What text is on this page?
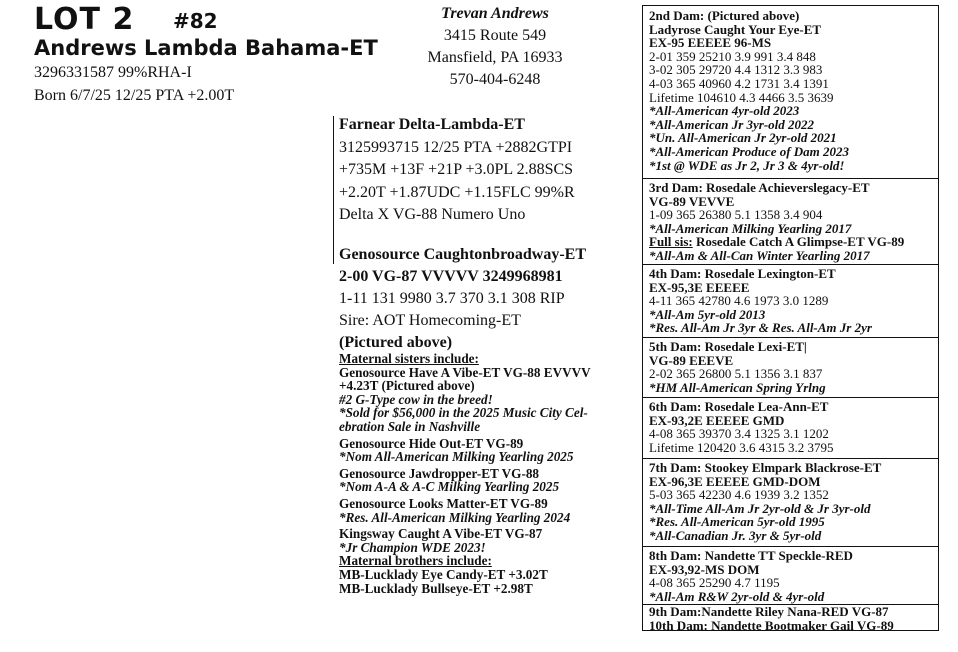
LOT 2 #82
Andrews Lambda Bahama-ET
3296331587 99%RHA-I
Born 6/7/25 12/25 PTA +2.00T
Trevan Andrews
3415 Route 549
Mansfield, PA 16933
570-404-6248
Farnear Delta-Lambda-ET
3125993715 12/25 PTA +2882GTPI
+735M +13F +21P +3.0PL 2.88SCS
+2.20T +1.87UDC +1.15FLC 99%R
Delta X VG-88 Numero Uno
Genosource Caughtonbroadway-ET
2-00 VG-87 VVVVV 3249968981
1-11 131 9980 3.7 370 3.1 308 RIP
Sire: AOT Homecoming-ET
(Pictured above)
Maternal sisters include:
Genosource Have A Vibe-ET VG-88 EVVVV
+4.23T (Pictured above)
#2 G-Type cow in the breed!
*Sold for $56,000 in the 2025 Music City Cel-
ebration Sale in Nashville
Genosource Hide Out-ET VG-89
*Nom All-American Milking Yearling 2025
Genosource Jawdropper-ET VG-88
*Nom A-A & A-C Milking Yearling 2025
Genosource Looks Matter-ET VG-89
*Res. All-American Milking Yearling 2024
Kingsway Caught A Vibe-ET VG-87
*Jr Champion WDE 2023!
Maternal brothers include:
MB-Lucklady Eye Candy-ET +3.02T
MB-Lucklady Bullseye-ET +2.98T
2nd Dam: (Pictured above)
Ladyrose Caught Your Eye-ET
EX-95 EEEEE 96-MS
2-01 359 25210 3.9 991 3.4 848
3-02 305 29720 4.4 1312 3.3 983
4-03 365 40960 4.2 1731 3.4 1391
Lifetime 104610 4.3 4466 3.5 3639
*All-American 4yr-old 2023
*All-American Jr 3yr-old 2022
*Un. All-American Jr 2yr-old 2021
*All-American Produce of Dam 2023
*1st @ WDE as Jr 2, Jr 3 & 4yr-old!
3rd Dam: Rosedale Achieverslegacy-ET
VG-89 VEVVE
1-09 365 26380 5.1 1358 3.4 904
*All-American Milking Yearling 2017
Full sis: Rosedale Catch A Glimpse-ET VG-89
*All-Am & All-Can Winter Yearling 2017
4th Dam: Rosedale Lexington-ET
EX-95,3E EEEEE
4-11 365 42780 4.6 1973 3.0 1289
*All-Am 5yr-old 2013
*Res. All-Am Jr 3yr & Res. All-Am Jr 2yr
5th Dam: Rosedale Lexi-ET|
VG-89 EEEVE
2-02 365 26800 5.1 1356 3.1 837
*HM All-American Spring Yrlng
6th Dam: Rosedale Lea-Ann-ET
EX-93,2E EEEEE GMD
4-08 365 39370 3.4 1325 3.1 1202
Lifetime 120420 3.6 4315 3.2 3795
7th Dam: Stookey Elmpark Blackrose-ET
EX-96,3E EEEEE GMD-DOM
5-03 365 42230 4.6 1939 3.2 1352
*All-Time All-Am Jr 2yr-old & Jr 3yr-old
*Res. All-American 5yr-old 1995
*All-Canadian Jr. 3yr & 5yr-old
8th Dam: Nandette TT Speckle-RED
EX-93,92-MS DOM
4-08 365 25290 4.7 1195
*All-Am R&W 2yr-old & 4yr-old
9th Dam:Nandette Riley Nana-RED VG-87
10th Dam: Nandette Bootmaker Gail VG-89
